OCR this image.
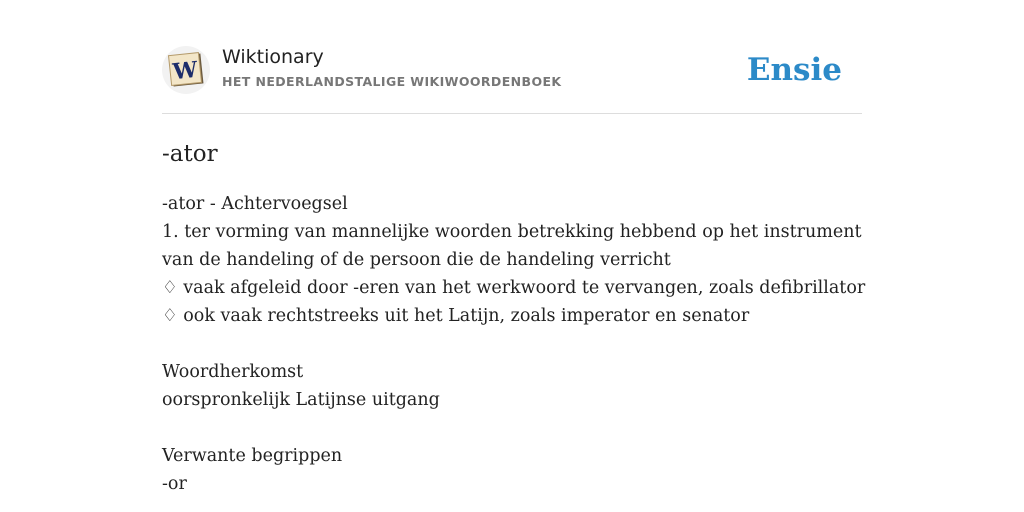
W Wiktionary
HET NEDERLANDSTALIGE WIKIWOORDENBOEK	Ensie
-ator
-ator - Achtervoegsel
1. ter vorming van mannelijke woorden betrekking hebbend op het instrument van de handeling of de persoon die de handeling verricht
♢ vaak afgeleid door -eren van het werkwoord te vervangen, zoals defibrillator
♢ ook vaak rechtstreeks uit het Latijn, zoals imperator en senator
Woordherkomst
oorspronkelijk Latijnse uitgang
Verwante begrippen
-or
